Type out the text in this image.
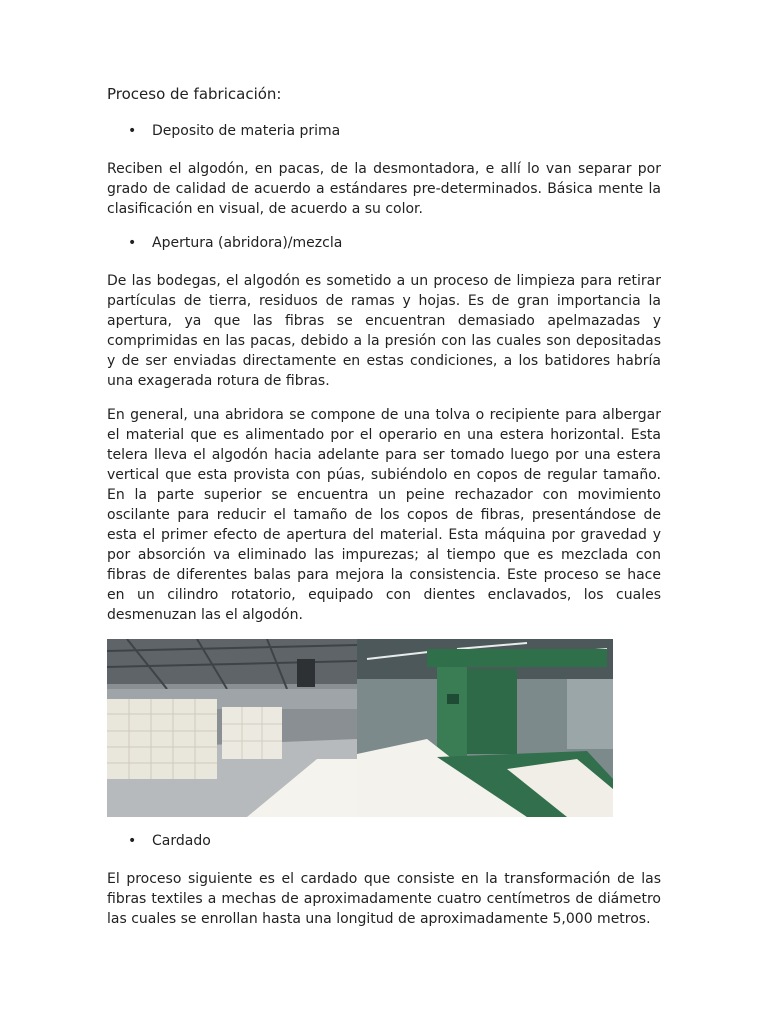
Proceso de fabricación:
• Deposito de materia prima

Reciben el algodón, en pacas, de la desmontadora, e allí lo van separar por grado de calidad de acuerdo a estándares pre-determinados. Básica mente la clasificación en visual, de acuerdo a su color.

• Apertura (abridora)/mezcla

De las bodegas, el algodón es sometido a un proceso de limpieza para retirar partículas de tierra, residuos de ramas y hojas. Es de gran importancia la apertura, ya que las fibras se encuentran demasiado apelmazadas y comprimidas en las pacas, debido a la presión con las cuales son depositadas y de ser enviadas directamente en estas condiciones, a los batidores habría una exagerada rotura de fibras.

En general, una abridora se compone de una tolva o recipiente para albergar el material que es alimentado por el operario en una estera horizontal. Esta telera lleva el algodón hacia adelante para ser tomado luego por una estera vertical que esta provista con púas, subiéndolo en copos de regular tamaño. En la parte superior se encuentra un peine rechazador con movimiento oscilante para reducir el tamaño de los copos de fibras, presentándose de esta el primer efecto de apertura del material. Esta máquina por gravedad y por absorción va eliminado las impurezas; al tiempo que es mezclada con fibras de diferentes balas para mejora la consistencia. Este proceso se hace en un cilindro rotatorio, equipado con dientes enclavados, los cuales desmenuzan las el algodón.

• Cardado

El proceso siguiente es el cardado que consiste en la transformación de las fibras textiles a mechas de aproximadamente cuatro centímetros de diámetro las cuales se enrollan hasta una longitud de aproximadamente 5,000 metros.
